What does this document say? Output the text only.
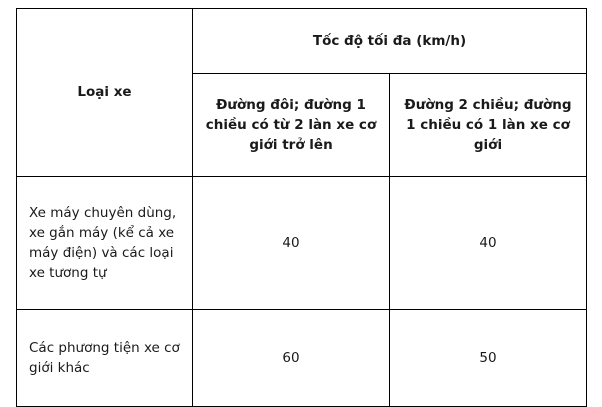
Loại xe	Tốc độ tối đa (km/h)	
	Đường đôi; đường 1 chiều có từ 2 làn xe cơ giới trở lên	Đường 2 chiều; đường 1 chiều có 1 làn xe cơ giới
Xe máy chuyên dùng, xe gắn máy (kể cả xe máy điện) và các loại xe tương tự	40	40
Các phương tiện xe cơ giới khác	60	50
